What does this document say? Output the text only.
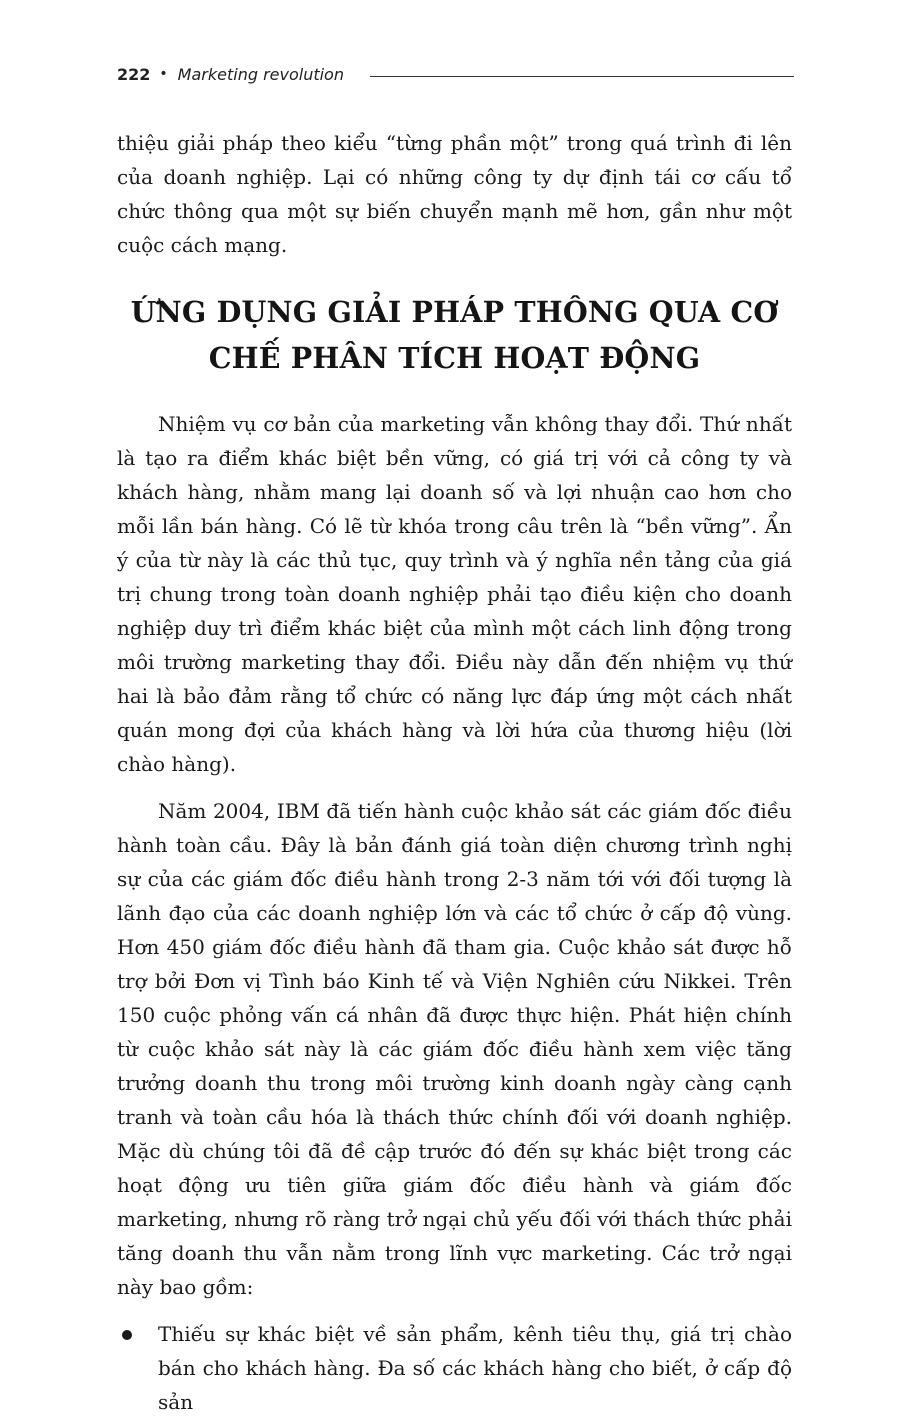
222 • Marketing revolution

thiệu giải pháp theo kiểu “từng phần một” trong quá trình đi lên của doanh nghiệp. Lại có những công ty dự định tái cơ cấu tổ chức thông qua một sự biến chuyển mạnh mẽ hơn, gần như một cuộc cách mạng.

ỨNG DỤNG GIẢI PHÁP THÔNG QUA CƠ
CHẾ PHÂN TÍCH HOẠT ĐỘNG

Nhiệm vụ cơ bản của marketing vẫn không thay đổi. Thứ nhất là tạo ra điểm khác biệt bền vững, có giá trị với cả công ty và khách hàng, nhằm mang lại doanh số và lợi nhuận cao hơn cho mỗi lần bán hàng. Có lẽ từ khóa trong câu trên là “bền vững”. Ẩn ý của từ này là các thủ tục, quy trình và ý nghĩa nền tảng của giá trị chung trong toàn doanh nghiệp phải tạo điều kiện cho doanh nghiệp duy trì điểm khác biệt của mình một cách linh động trong môi trường marketing thay đổi. Điều này dẫn đến nhiệm vụ thứ hai là bảo đảm rằng tổ chức có năng lực đáp ứng một cách nhất quán mong đợi của khách hàng và lời hứa của thương hiệu (lời chào hàng).

Năm 2004, IBM đã tiến hành cuộc khảo sát các giám đốc điều hành toàn cầu. Đây là bản đánh giá toàn diện chương trình nghị sự của các giám đốc điều hành trong 2-3 năm tới với đối tượng là lãnh đạo của các doanh nghiệp lớn và các tổ chức ở cấp độ vùng. Hơn 450 giám đốc điều hành đã tham gia. Cuộc khảo sát được hỗ trợ bởi Đơn vị Tình báo Kinh tế và Viện Nghiên cứu Nikkei. Trên 150 cuộc phỏng vấn cá nhân đã được thực hiện. Phát hiện chính từ cuộc khảo sát này là các giám đốc điều hành xem việc tăng trưởng doanh thu trong môi trường kinh doanh ngày càng cạnh tranh và toàn cầu hóa là thách thức chính đối với doanh nghiệp. Mặc dù chúng tôi đã đề cập trước đó đến sự khác biệt trong các hoạt động ưu tiên giữa giám đốc điều hành và giám đốc marketing, nhưng rõ ràng trở ngại chủ yếu đối với thách thức phải tăng doanh thu vẫn nằm trong lĩnh vực marketing. Các trở ngại này bao gồm:

Thiếu sự khác biệt về sản phẩm, kênh tiêu thụ, giá trị chào bán cho khách hàng. Đa số các khách hàng cho biết, ở cấp độ sản
